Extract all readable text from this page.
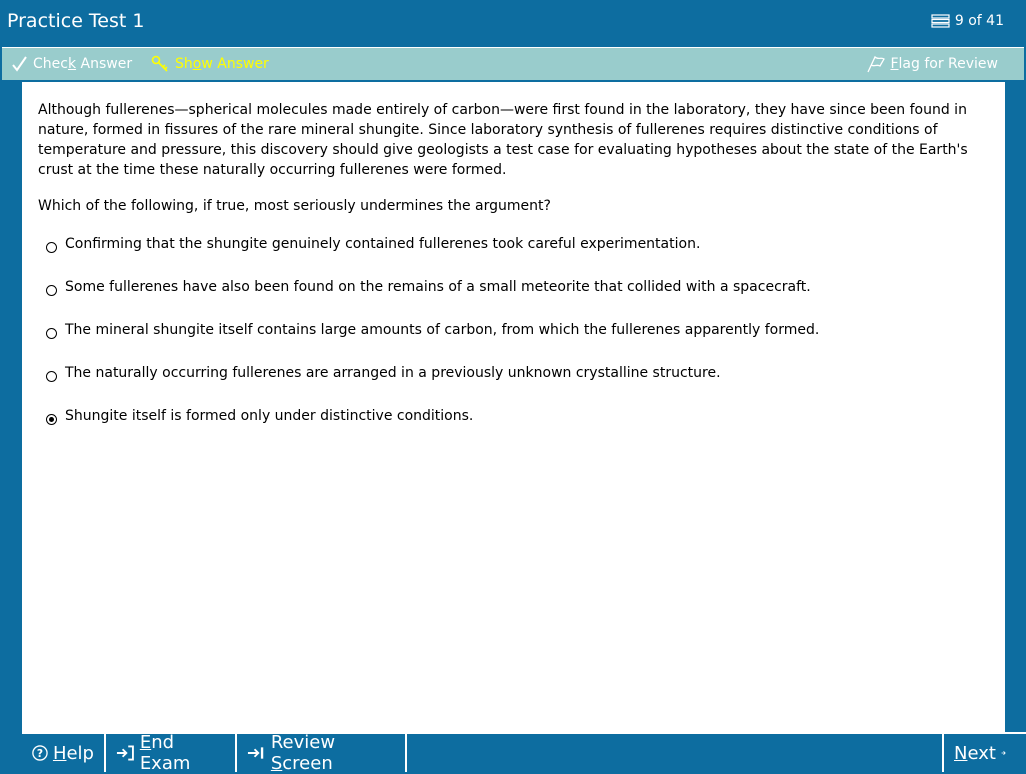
Practice Test 1	9 of 41
Check Answer	Show Answer	Flag for Review
Although fullerenes—spherical molecules made entirely of carbon—were first found in the laboratory, they have since been found in nature, formed in fissures of the rare mineral shungite. Since laboratory synthesis of fullerenes requires distinctive conditions of temperature and pressure, this discovery should give geologists a test case for evaluating hypotheses about the state of the Earth's crust at the time these naturally occurring fullerenes were formed.
Which of the following, if true, most seriously undermines the argument?
Confirming that the shungite genuinely contained fullerenes took careful experimentation.
Some fullerenes have also been found on the remains of a small meteorite that collided with a spacecraft.
The mineral shungite itself contains large amounts of carbon, from which the fullerenes apparently formed.
The naturally occurring fullerenes are arranged in a previously unknown crystalline structure.
Shungite itself is formed only under distinctive conditions.
? Help	End Exam
Review Screen	Next
